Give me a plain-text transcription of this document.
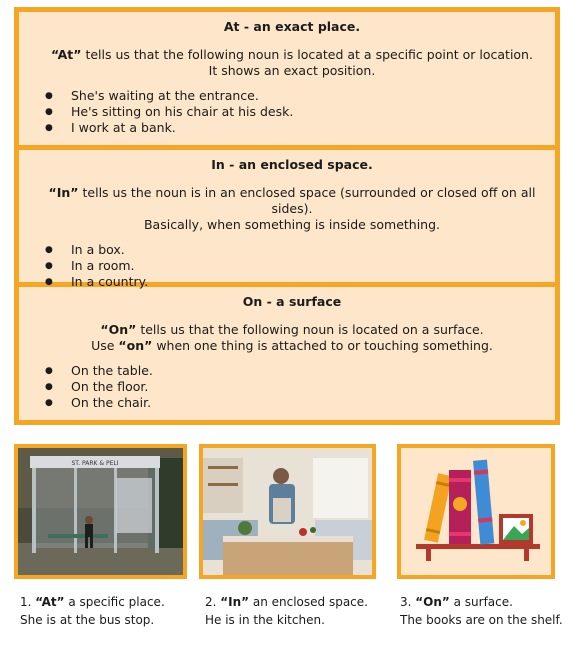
At - an exact place.

“At” tells us that the following noun is located at a specific point or location.
It shows an exact position.

● She's waiting at the entrance.
● He's sitting on his chair at his desk.
● I work at a bank.

In - an enclosed space.

“In” tells us the noun is in an enclosed space (surrounded or closed off on all sides).
Basically, when something is inside something.

● In a box.
● In a room.
● In a country.

On - a surface

“On” tells us that the following noun is located on a surface.
Use “on” when one thing is attached to or touching something.

● On the table.
● On the floor.
● On the chair.
ST. PARK & PELI
1. “At” a specific place.
She is at the bus stop.
2. “In” an enclosed space.
He is in the kitchen.
3. “On” a surface.
The books are on the shelf.
